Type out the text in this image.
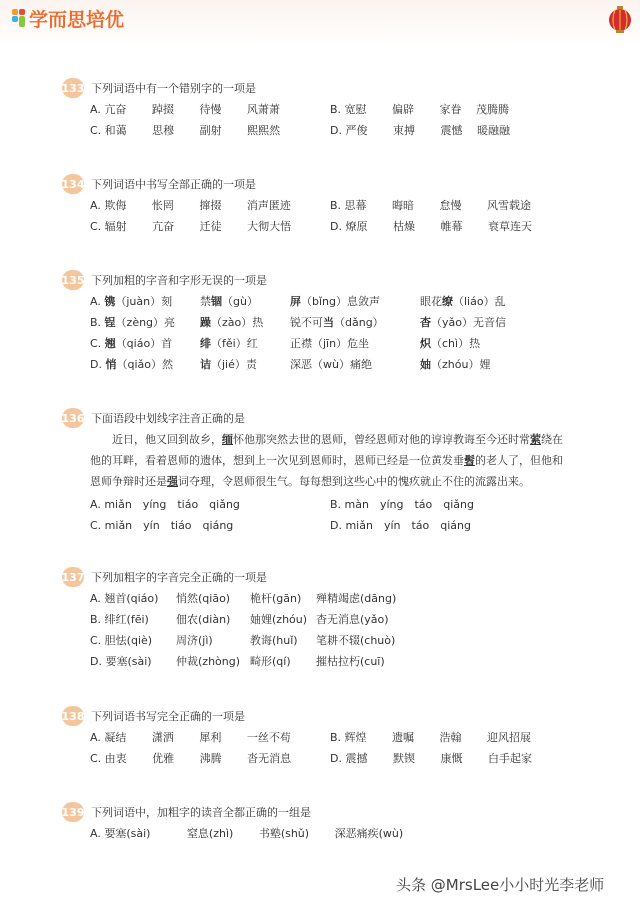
学而思培优
133 下列词语中有一个错别字的一项是
A. 亢奋　　 踔掇　　 待慢　　 风萧萧	B. 宽慰　　 偏辟　　 家眷　 茂腾腾
C. 和蔼　　 思穆　　 副射　　 熙熙然	D. 严俊　　 束搏　　 震憾　 暖融融
134 下列词语中书写全部正确的一项是
A. 欺侮　　 怅罔　　 撺掇　　 消声匿迹	B. 思幕　　 晦暗　　 怠慢　　 风雪载途
C. 辐射　　 亢奋　　 迁徒　　 大彻大悟	D. 燎原　　 枯燥　　 帷幕　　 衰草连天
135 下列加粗的字音和字形无误的一项是
A. 镌（juàn）刻	禁锢（gù）	屏（bǐng）息敛声	眼花缭（liáo）乱
B. 锃（zèng）亮 躁（zào）热 锐不可当（dǎng）	杳（yǎo）无音信
C. 翘（qiáo）首	绯（fěi）红	正襟（jīn）危坐	炽（chì）热
D. 悄（qiǎo）然 诘（jié）责	深恶（wù）痛绝	妯（zhóu）娌
136 下面语段中划线字注音正确的是
近日，他又回到故乡，缅怀他那突然去世的恩师，曾经恩师对他的谆谆教诲至今还时常萦绕在他的耳畔，看着恩师的遗体，想到上一次见到恩师时，恩师已经是一位黄发垂髫的老人了，但他和恩师争辩时还是强词夺理，令恩师很生气。每每想到这些心中的愧疚就止不住的流露出来。
A. miǎn　yíng　tiáo　qiǎng	B. màn　yíng　táo　qiǎng
C. miǎn　yín　tiáo　qiáng	D. miǎn　yín　táo　qiáng
137 下列加粗字的字音完全正确的一项是
A. 翘首(qiáo) 悄然(qiāo) 桅杆(gān) 殚精竭虑(dāng)
B. 绯红(fēi) 佃农(diàn) 妯娌(zhóu) 杳无消息(yǎo)
C. 胆怯(qiè) 周济(jì)	教诲(huǐ) 笔耕不辍(chuò)
D. 要塞(sài) 仲裁(zhòng) 畸形(qí) 摧枯拉朽(cuī)
138 下列词语书写完全正确的一项是
A. 凝结　　 潇洒　　 犀利　　 一丝不苟	B. 辉煌　　 遗嘱　　 浩翰　　 迎风招展
C. 由衷　　 优雅　　 沸腾　　 沓无消息	D. 震撼　　 默锲　　 康慨　　 白手起家
139 下列词语中，加粗字的读音全都正确的一组是
A. 要塞(sài)　　　 窒息(zhì)　　 书塾(shǔ)　　 深恶痛疾(wù)
头条 @MrsLee小小时光李老师
